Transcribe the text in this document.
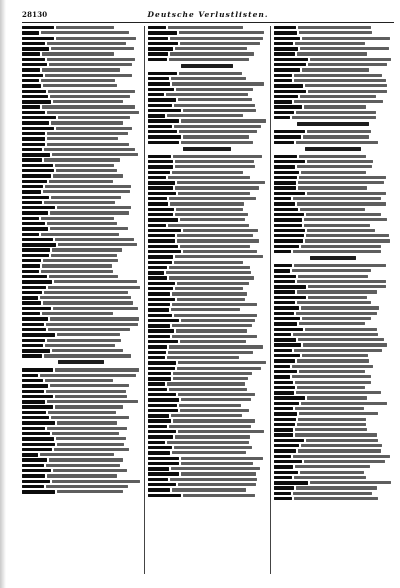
28130	Deutsche Verlustlisten.
